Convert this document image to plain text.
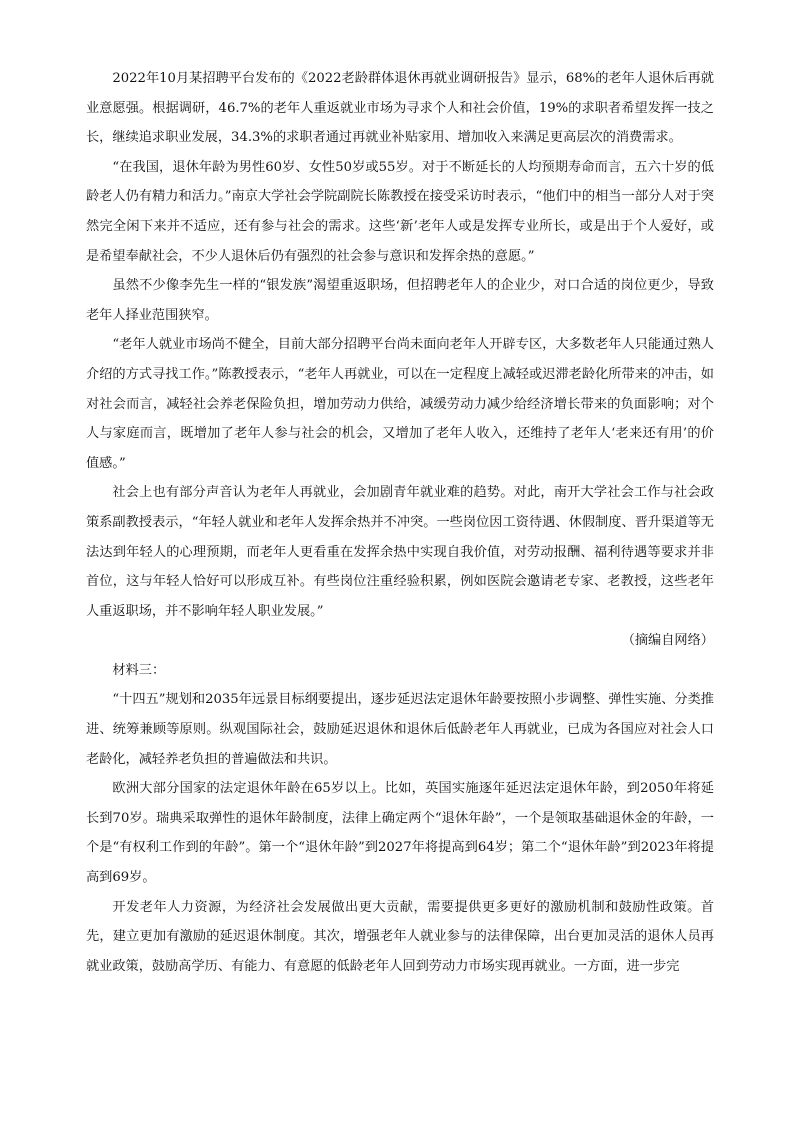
2022年10月某招聘平台发布的《2022老龄群体退休再就业调研报告》显示，68%的老年人退休后再就业意愿强。根据调研，46.7%的老年人重返就业市场为寻求个人和社会价值，19%的求职者希望发挥一技之长，继续追求职业发展，34.3%的求职者通过再就业补贴家用、增加收入来满足更高层次的消费需求。

“在我国，退休年龄为男性60岁、女性50岁或55岁。对于不断延长的人均预期寿命而言，五六十岁的低龄老人仍有精力和活力。”南京大学社会学院副院长陈教授在接受采访时表示，“他们中的相当一部分人对于突然完全闲下来并不适应，还有参与社会的需求。这些‘新’老年人或是发挥专业所长，或是出于个人爱好，或是希望奉献社会，不少人退休后仍有强烈的社会参与意识和发挥余热的意愿。”

虽然不少像李先生一样的“银发族”渴望重返职场，但招聘老年人的企业少，对口合适的岗位更少，导致老年人择业范围狭窄。

“老年人就业市场尚不健全，目前大部分招聘平台尚未面向老年人开辟专区，大多数老年人只能通过熟人介绍的方式寻找工作。”陈教授表示，“老年人再就业，可以在一定程度上减轻或迟滞老龄化所带来的冲击，如对社会而言，减轻社会养老保险负担，增加劳动力供给，减缓劳动力减少给经济增长带来的负面影响；对个人与家庭而言，既增加了老年人参与社会的机会，又增加了老年人收入，还维持了老年人‘老来还有用’的价值感。”

社会上也有部分声音认为老年人再就业，会加剧青年就业难的趋势。对此，南开大学社会工作与社会政策系副教授表示，“年轻人就业和老年人发挥余热并不冲突。一些岗位因工资待遇、休假制度、晋升渠道等无法达到年轻人的心理预期，而老年人更看重在发挥余热中实现自我价值，对劳动报酬、福利待遇等要求并非首位，这与年轻人恰好可以形成互补。有些岗位注重经验积累，例如医院会邀请老专家、老教授，这些老年人重返职场，并不影响年轻人职业发展。”

（摘编自网络）

材料三：

“十四五”规划和2035年远景目标纲要提出，逐步延迟法定退休年龄要按照小步调整、弹性实施、分类推进、统筹兼顾等原则。纵观国际社会，鼓励延迟退休和退休后低龄老年人再就业，已成为各国应对社会人口老龄化，减轻养老负担的普遍做法和共识。

欧洲大部分国家的法定退休年龄在65岁以上。比如，英国实施逐年延迟法定退休年龄，到2050年将延长到70岁。瑞典采取弹性的退休年龄制度，法律上确定两个“退休年龄”，一个是领取基础退休金的年龄，一个是“有权利工作到的年龄”。第一个“退休年龄”到2027年将提高到64岁；第二个“退休年龄”到2023年将提高到69岁。

开发老年人力资源，为经济社会发展做出更大贡献，需要提供更多更好的激励机制和鼓励性政策。首先，建立更加有激励的延迟退休制度。其次，增强老年人就业参与的法律保障，出台更加灵活的退休人员再就业政策，鼓励高学历、有能力、有意愿的低龄老年人回到劳动力市场实现再就业。一方面，进一步完
